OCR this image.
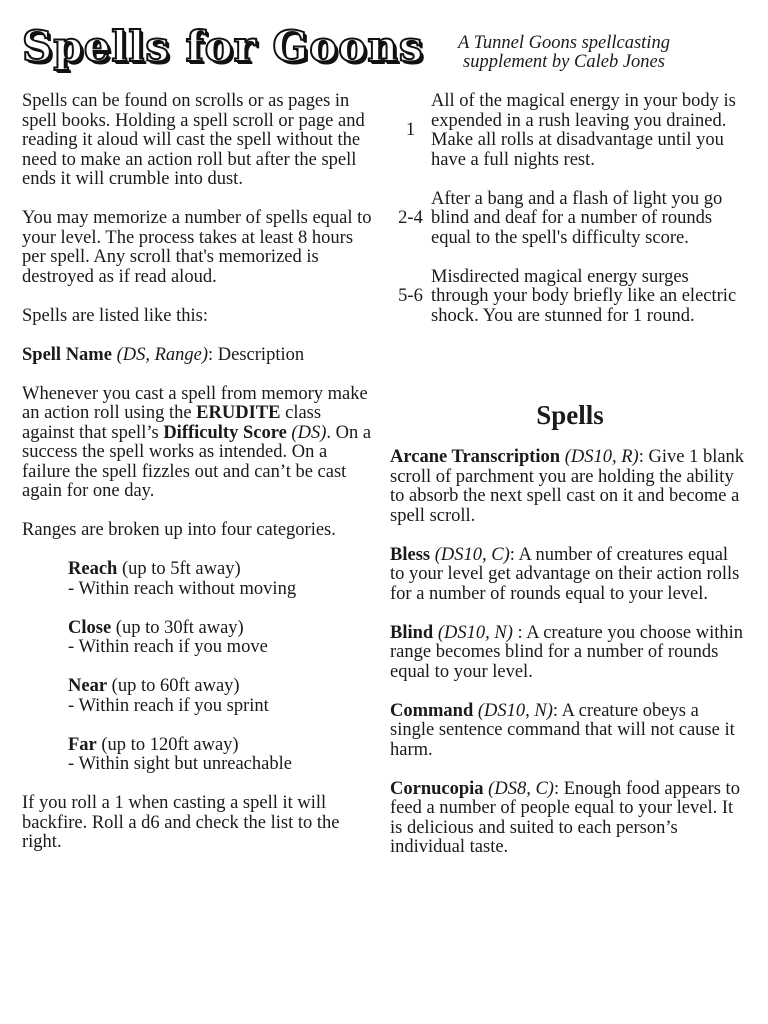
Spells for Goons	A Tunnel Goons spellcasting
supplement by Caleb Jones

Spells can be found on scrolls or as pages in spell books. Holding a spell scroll or page and reading it aloud will cast the spell without the need to make an action roll but after the spell ends it will crumble into dust.

You may memorize a number of spells equal to your level. The process takes at least 8 hours per spell. Any scroll that's memorized is destroyed as if read aloud.

Spells are listed like this:

Spell Name (DS, Range): Description

Whenever you cast a spell from memory make an action roll using the ERUDITE class against that spell’s Difficulty Score (DS). On a success the spell works as intended. On a failure the spell fizzles out and can’t be cast again for one day.

Ranges are broken up into four categories.

Reach (up to 5ft away)
- Within reach without moving
Close (up to 30ft away)
- Within reach if you move
Near (up to 60ft away)
- Within reach if you sprint
Far (up to 120ft away)
- Within sight but unreachable

If you roll a 1 when casting a spell it will backfire. Roll a d6 and check the list to the right.

1
All of the magical energy in your body is expended in a rush leaving you drained. Make all rolls at disadvantage until you have a full nights rest.
2-4
After a bang and a flash of light you go blind and deaf for a number of rounds equal to the spell's difficulty score.
5-6
Misdirected magical energy surges through your body briefly like an electric shock. You are stunned for 1 round.
Spells

Arcane Transcription (DS10, R): Give 1 blank scroll of parchment you are holding the ability to absorb the next spell cast on it and become a spell scroll.

Bless (DS10, C): A number of creatures equal to your level get advantage on their action rolls for a number of rounds equal to your level.

Blind (DS10, N) : A creature you choose within range becomes blind for a number of rounds equal to your level.

Command (DS10, N): A creature obeys a single sentence command that will not cause it harm.

Cornucopia (DS8, C): Enough food appears to feed a number of people equal to your level. It is delicious and suited to each person’s individual taste.
